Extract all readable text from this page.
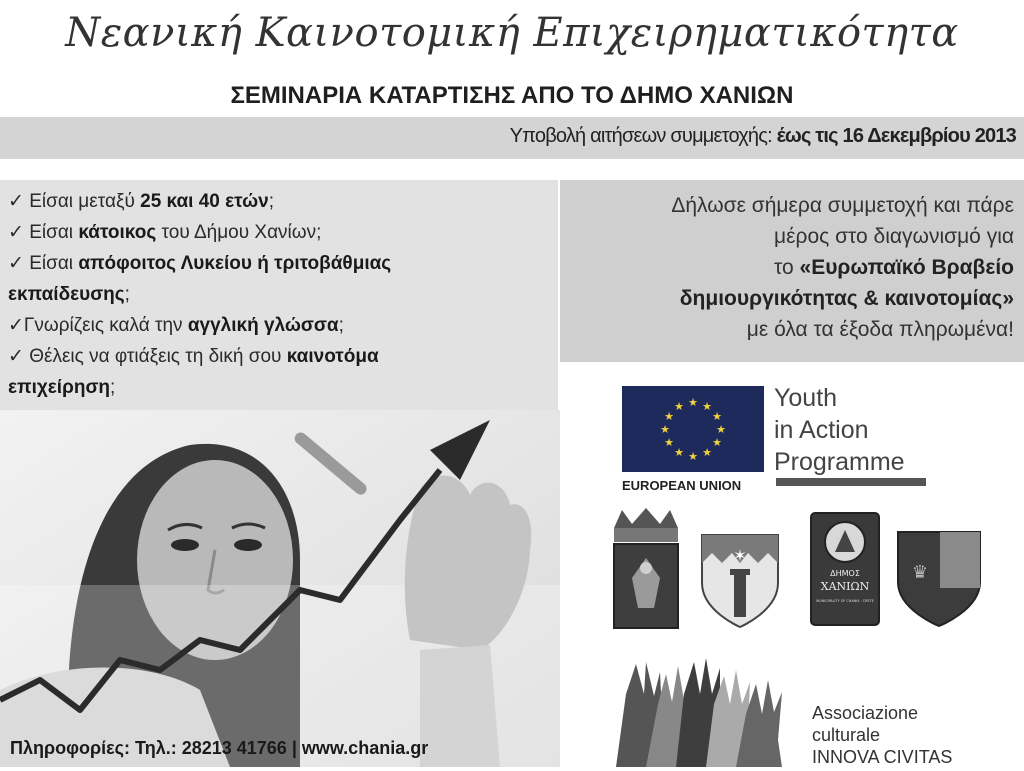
Νεανική Καινοτομική Επιχειρηματικότητα
ΣΕΜΙΝΑΡΙΑ ΚΑΤΑΡΤΙΣΗΣ ΑΠΟ ΤΟ ΔΗΜΟ ΧΑΝΙΩΝ
Υποβολή αιτήσεων συμμετοχής: έως τις 16 Δεκεμβρίου 2013

✓ Είσαι μεταξύ 25 και 40 ετών;

✓ Είσαι κάτοικος του Δήμου Χανίων;

✓ Είσαι απόφοιτος Λυκείου ή τριτοβάθμιας

εκπαίδευσης;

✓Γνωρίζεις καλά την αγγλική γλώσσα;

✓ Θέλεις να φτιάξεις τη δική σου καινοτόμα

επιχείρηση;

Δήλωσε σήμερα συμμετοχή και πάρε

μέρος στο διαγωνισμό για

το «Ευρωπαϊκό Βραβείο

δημιουργικότητας & καινοτομίας»

με όλα τα έξοδα πληρωμένα!

Πληροφορίες: Τηλ.: 28213 41766 | www.chania.gr
★ ★
★
★
★
★
★
★
★
★
★
★
EUROPEAN UNION
Youth
in Action
Programme
✶
ΔΗΜΟΣ
ΧΑΝΙΩΝ
MUNICIPALITY OF CHANIA · CRETE
♛
Associazione
culturale
INNOVA CIVITAS
